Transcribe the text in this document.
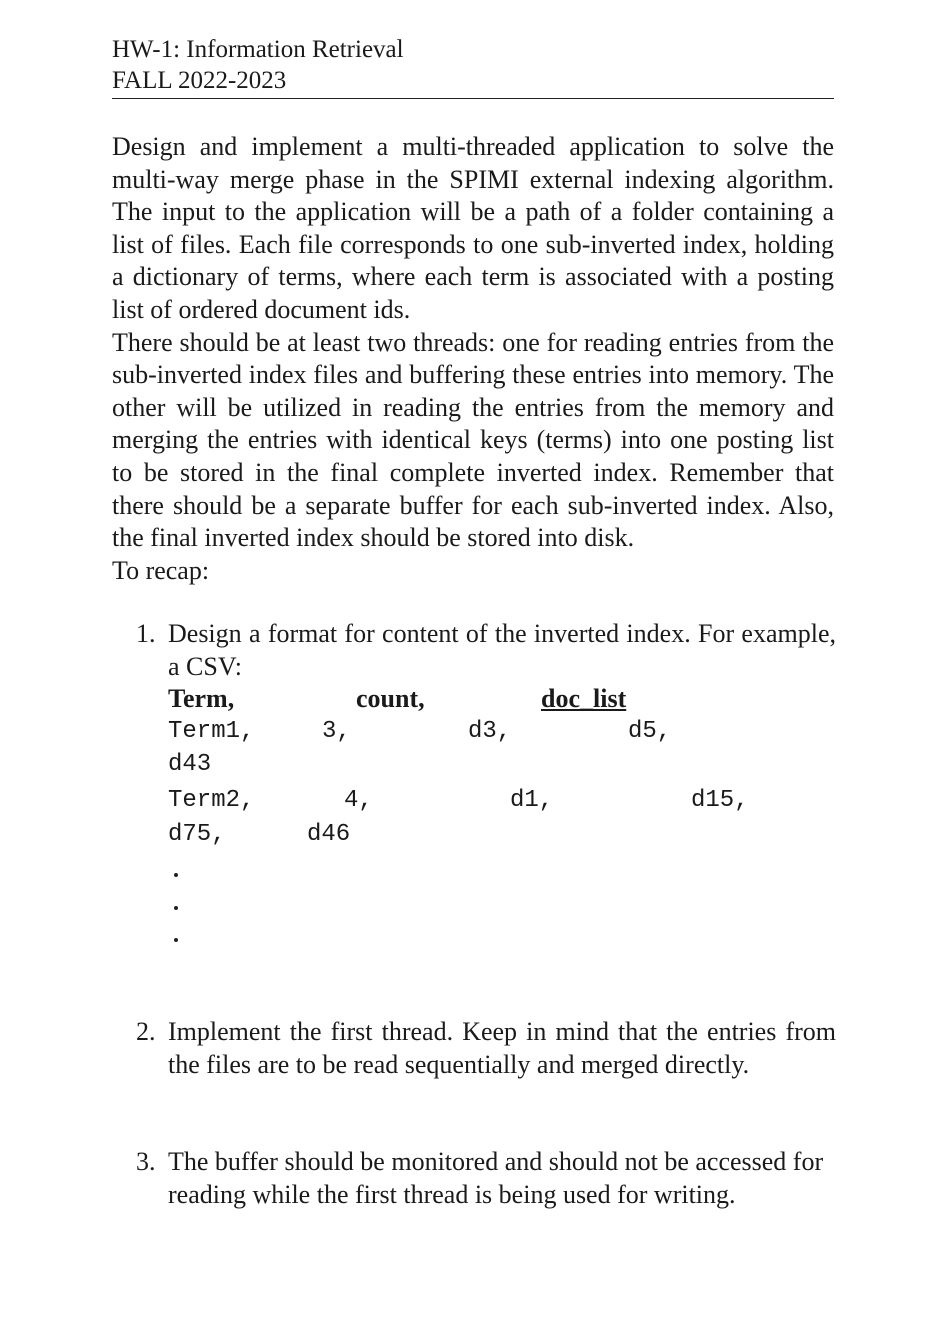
HW-1: Information Retrieval
FALL 2022-2023

Design and implement a multi-threaded application to solve the multi-way merge phase in the SPIMI external indexing algorithm. The input to the application will be a path of a folder containing a list of files. Each file corresponds to one sub-inverted index, holding a dictionary of terms, where each term is associated with a posting list of ordered document ids.

There should be at least two threads: one for reading entries from the sub-inverted index files and buffering these entries into memory. The other will be utilized in reading the entries from the memory and merging the entries with identical keys (terms) into one posting list to be stored in the final complete inverted index. Remember that there should be a separate buffer for each sub-inverted index. Also, the final inverted index should be stored into disk.

To recap:

1. Design a format for content of the inverted index. For example, a CSV:
Term,	count,	doc_list
Term1,	3,	d3,	d5,
d43
Term2,	4,	d1,	d15,
d75,	d46
2. Implement the first thread. Keep in mind that the entries from the files are to be read sequentially and merged directly.
3. The buffer should be monitored and should not be accessed for reading while the first thread is being used for writing.
